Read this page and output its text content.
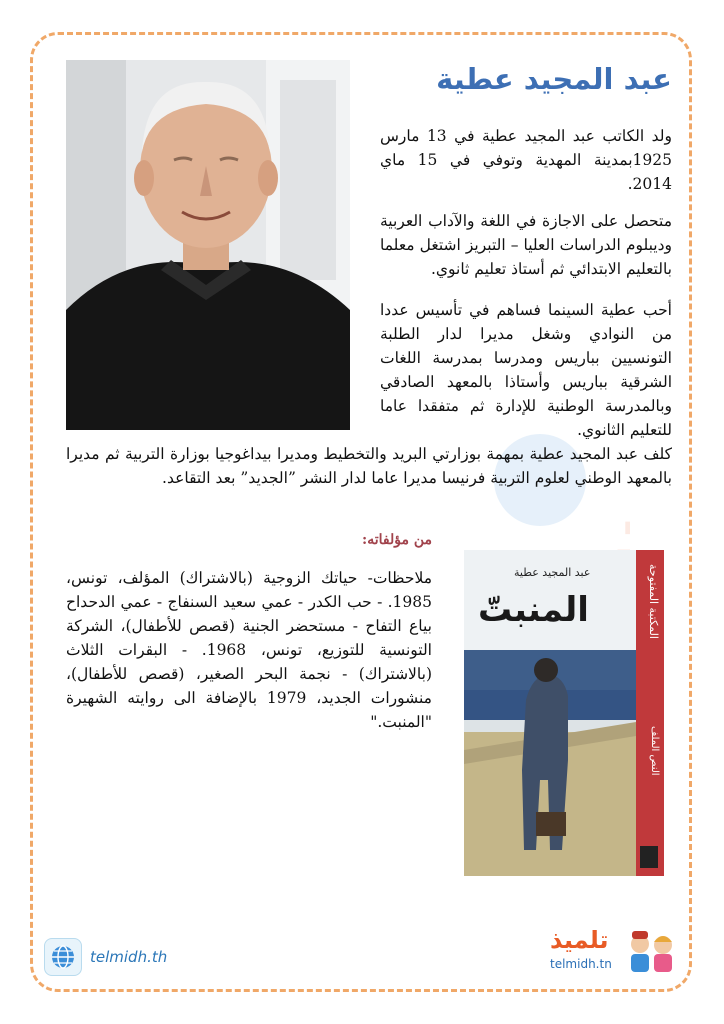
عبد المجيد عطية
ولد الكاتب عبد المجيد عطية في 13 مارس 1925بمدينة المهدية وتوفي في 15 ماي 2014.
متحصل على الاجازة في اللغة والآداب العربية وديبلوم الدراسات العليا – التبريز اشتغل معلما بالتعليم الابتدائي ثم أستاذ تعليم ثانوي.
أحب عطية السينما فساهم في تأسيس عددا من النوادي وشغل مديرا لدار الطلبة التونسيين بباريس ومدرسا بمدرسة اللغات الشرقية بباريس وأستاذا بالمعهد الصادقي وبالمدرسة الوطنية للإدارة ثم متفقدا عاما للتعليم الثانوي.
كلف عبد المجيد عطية بمهمة بوزارتي البريد والتخطيط ومديرا بيداغوجيا بوزارة التربية ثم مديرا بالمعهد الوطني لعلوم التربية فرنيسا مديرا عاما لدار النشر ”الجديد” بعد التقاعد.
من مؤلفاته:
ملاحظات- حياتك الزوجية (بالاشتراك) المؤلف، تونس، 1985. - حب الكدر - عمي سعيد السنفاج - عمي الدحداح بياع التفاح - مستحضر الجنية (قصص للأطفال)، الشركة التونسية للتوزيع، تونس، 1968. - البقرات الثلاث (بالاشتراك) - نجمة البحر الصغير، (قصص للأطفال)، منشورات الجديد، 1979 بالإضافة الى روايته الشهيرة "المنبت."
عبد المجيد عطية
المنبتّ	المكتبة المفتوحة
النص الملف
telmidh.th
تلميذ
telmidh.tn
